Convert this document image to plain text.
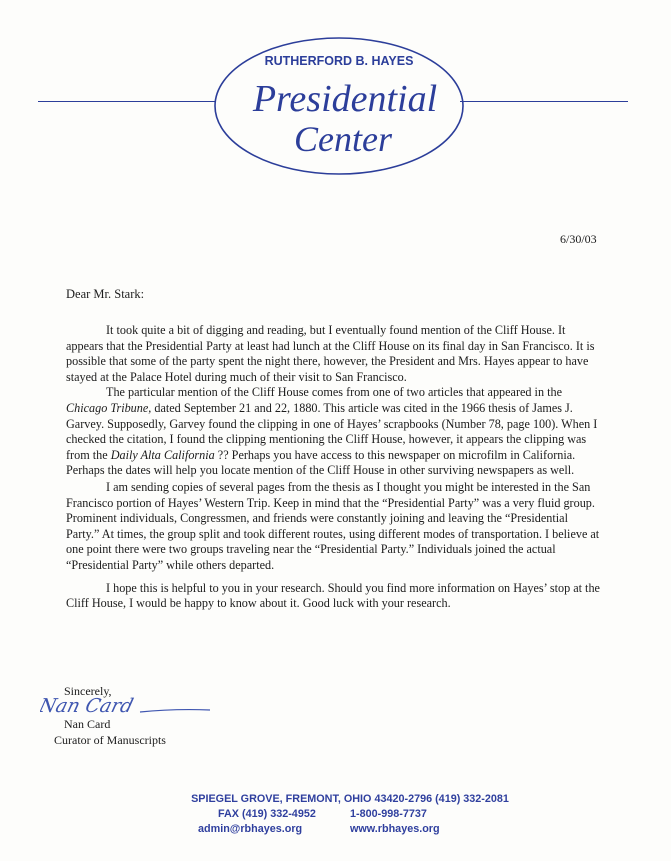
RUTHERFORD B. HAYES
Presidential
Center
6/30/03
Dear Mr. Stark:

It took quite a bit of digging and reading, but I eventually found mention of the Cliff House. It appears that the Presidential Party at least had lunch at the Cliff House on its final day in San Francisco. It is possible that some of the party spent the night there, however, the President and Mrs. Hayes appear to have stayed at the Palace Hotel during much of their visit to San Francisco.

The particular mention of the Cliff House comes from one of two articles that appeared in the Chicago Tribune, dated September 21 and 22, 1880. This article was cited in the 1966 thesis of James J. Garvey. Supposedly, Garvey found the clipping in one of Hayes’ scrapbooks (Number 78, page 100). When I checked the citation, I found the clipping mentioning the Cliff House, however, it appears the clipping was from the Daily Alta California ?? Perhaps you have access to this newspaper on microfilm in California. Perhaps the dates will help you locate mention of the Cliff House in other surviving newspapers as well.

I am sending copies of several pages from the thesis as I thought you might be interested in the San Francisco portion of Hayes’ Western Trip. Keep in mind that the “Presidential Party” was a very fluid group. Prominent individuals, Congressmen, and friends were constantly joining and leaving the “Presidential Party.” At times, the group split and took different routes, using different modes of transportation. I believe at one point there were two groups traveling near the “Presidential Party.” Individuals joined the actual “Presidential Party” while others departed.

I hope this is helpful to you in your research. Should you find more information on Hayes’ stop at the Cliff House, I would be happy to know about it. Good luck with your research.

Sincerely,
Nan Card
Nan Card
Curator of Manuscripts
SPIEGEL GROVE, FREMONT, OHIO 43420-2796 (419) 332-2081
FAX (419) 332-4952	1-800-998-7737
admin@rbhayes.org	www.rbhayes.org
